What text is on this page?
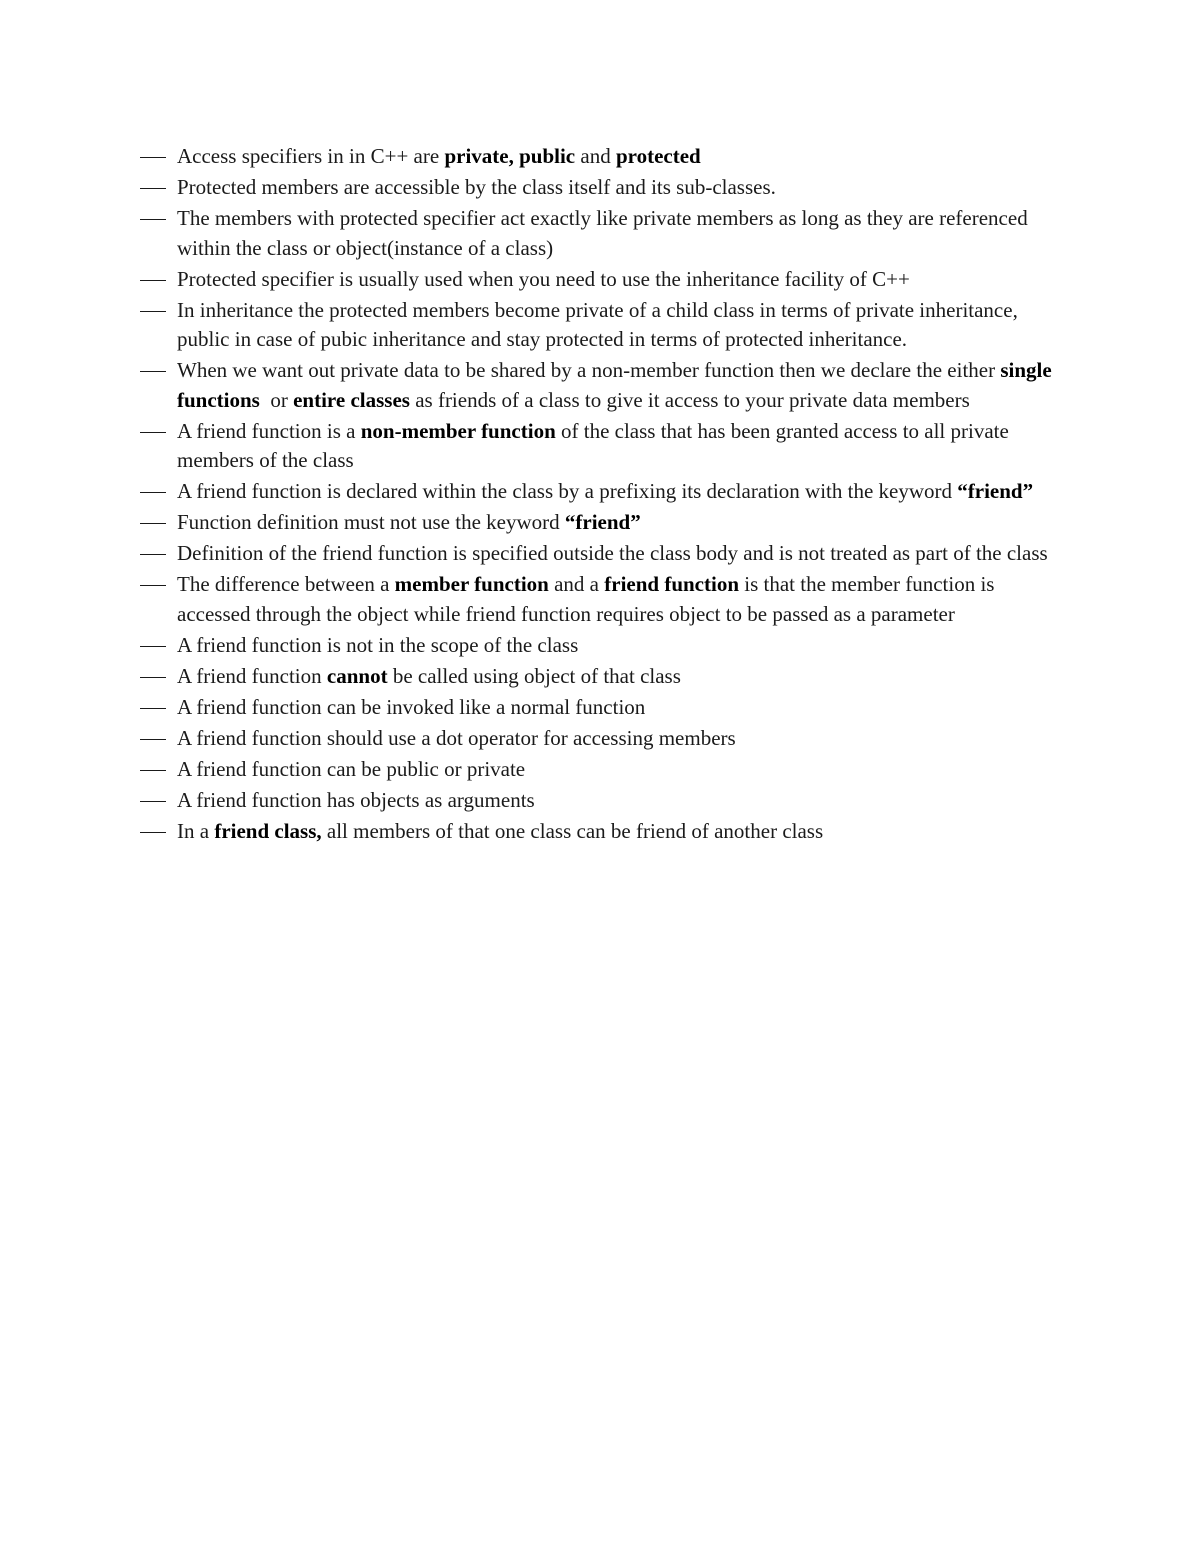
Access specifiers in in C++ are private, public and protected
Protected members are accessible by the class itself and its sub-classes.
The members with protected specifier act exactly like private members as long as they are referenced within the class or object(instance of a class)
Protected specifier is usually used when you need to use the inheritance facility of C++
In inheritance the protected members become private of a child class in terms of private inheritance, public in case of pubic inheritance and stay protected in terms of protected inheritance.
When we want out private data to be shared by a non-member function then we declare the either single functions  or entire classes as friends of a class to give it access to your private data members
A friend function is a non-member function of the class that has been granted access to all private members of the class
A friend function is declared within the class by a prefixing its declaration with the keyword “friend”
Function definition must not use the keyword “friend”
Definition of the friend function is specified outside the class body and is not treated as part of the class
The difference between a member function and a friend function is that the member function is accessed through the object while friend function requires object to be passed as a parameter
A friend function is not in the scope of the class
A friend function cannot be called using object of that class
A friend function can be invoked like a normal function
A friend function should use a dot operator for accessing members
A friend function can be public or private
A friend function has objects as arguments
In a friend class, all members of that one class can be friend of another class
